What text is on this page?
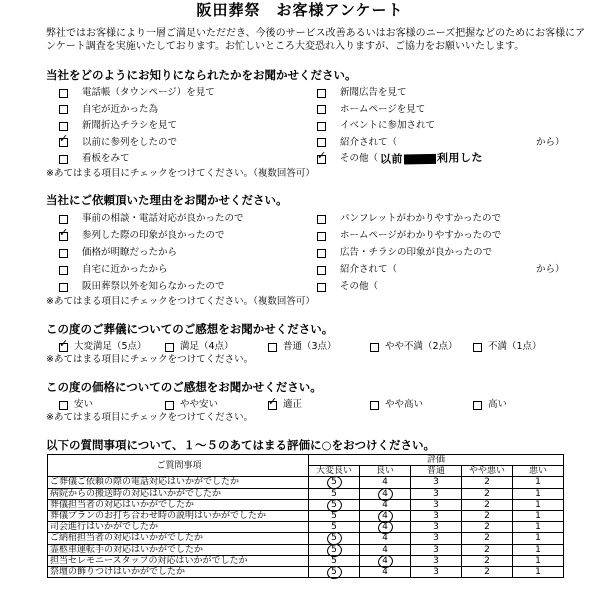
阪田葬祭　お客様アンケート
弊社ではお客様により一層ご満足いただだき、今後のサービス改善あるいはお客様のニーズ把握などのためにお客様にアンケート調査を実施いたしております。お忙しいところ大変恐れ入りますが、ご協力をお願いいたします。
当社をどのようにお知りになられたかをお聞かせください。
電話帳（タウンページ）を見て
自宅が近かった為
新聞折込チラシを見て
✓
以前に参列をしたので
看板をみて
新聞広告を見て
ホームページを見て
イベントに参加されて
紹介されて（	から）
✓
その他（ 以前	利用した
※あてはまる項目にチェックをつけてください。（複数回答可）
当社にご依頼頂いた理由をお聞かせください。
事前の相談・電話対応が良かったので
✓
参列した際の印象が良かったので
価格が明瞭だったから
自宅に近かったから
阪田葬祭以外を知らなかったので
パンフレットがわかりやすかったので
ホームページがわかりやすかったので
広告・チラシの印象が良かったので
紹介されて（	から）
その他（
※あてはまる項目にチェックをつけてください。（複数回答可）
この度のご葬儀についてのご感想をお聞かせください。
✓
大変満足（5点）	満足（4点）	普通（3点）	やや不満（2点）	不満（1点）
※あてはまる項目にチェックをつけてください。
この度の価格についてのご感想をお聞かせください。
安い	やや安い ✓	適正	やや高い	高い
※あてはまる項目にチェックをつけてください。
以下の質問事項について、１～５のあてはまる評価に○をおつけください。
ご質問事項	評価				
	大変良い	良い	普通	やや悪い	悪い
ご葬儀ご依頼の際の電話対応はいかがでしたか	5	4	3	2	1
病院からの搬送時の対応はいかがでしたか	5	4	3	2	1
葬儀担当者の対応はいかがでしたか	5	4	3	2	1
葬儀プランのお打ち合わせ時の説明はいかがでしたか	5	4	3	2	1
司会進行はいかがでしたか	5	4	3	2	1
ご納棺担当者の対応はいかがでしたか	5	4	3	2	1
霊柩車運転手の対応はいかがでしたか	5	4	3	2	1
担当セレモニースタッフの対応はいかがでしたか	5	4	3	2	1
祭壇の飾りつけはいかがでしたか	5	4	3	2	1
